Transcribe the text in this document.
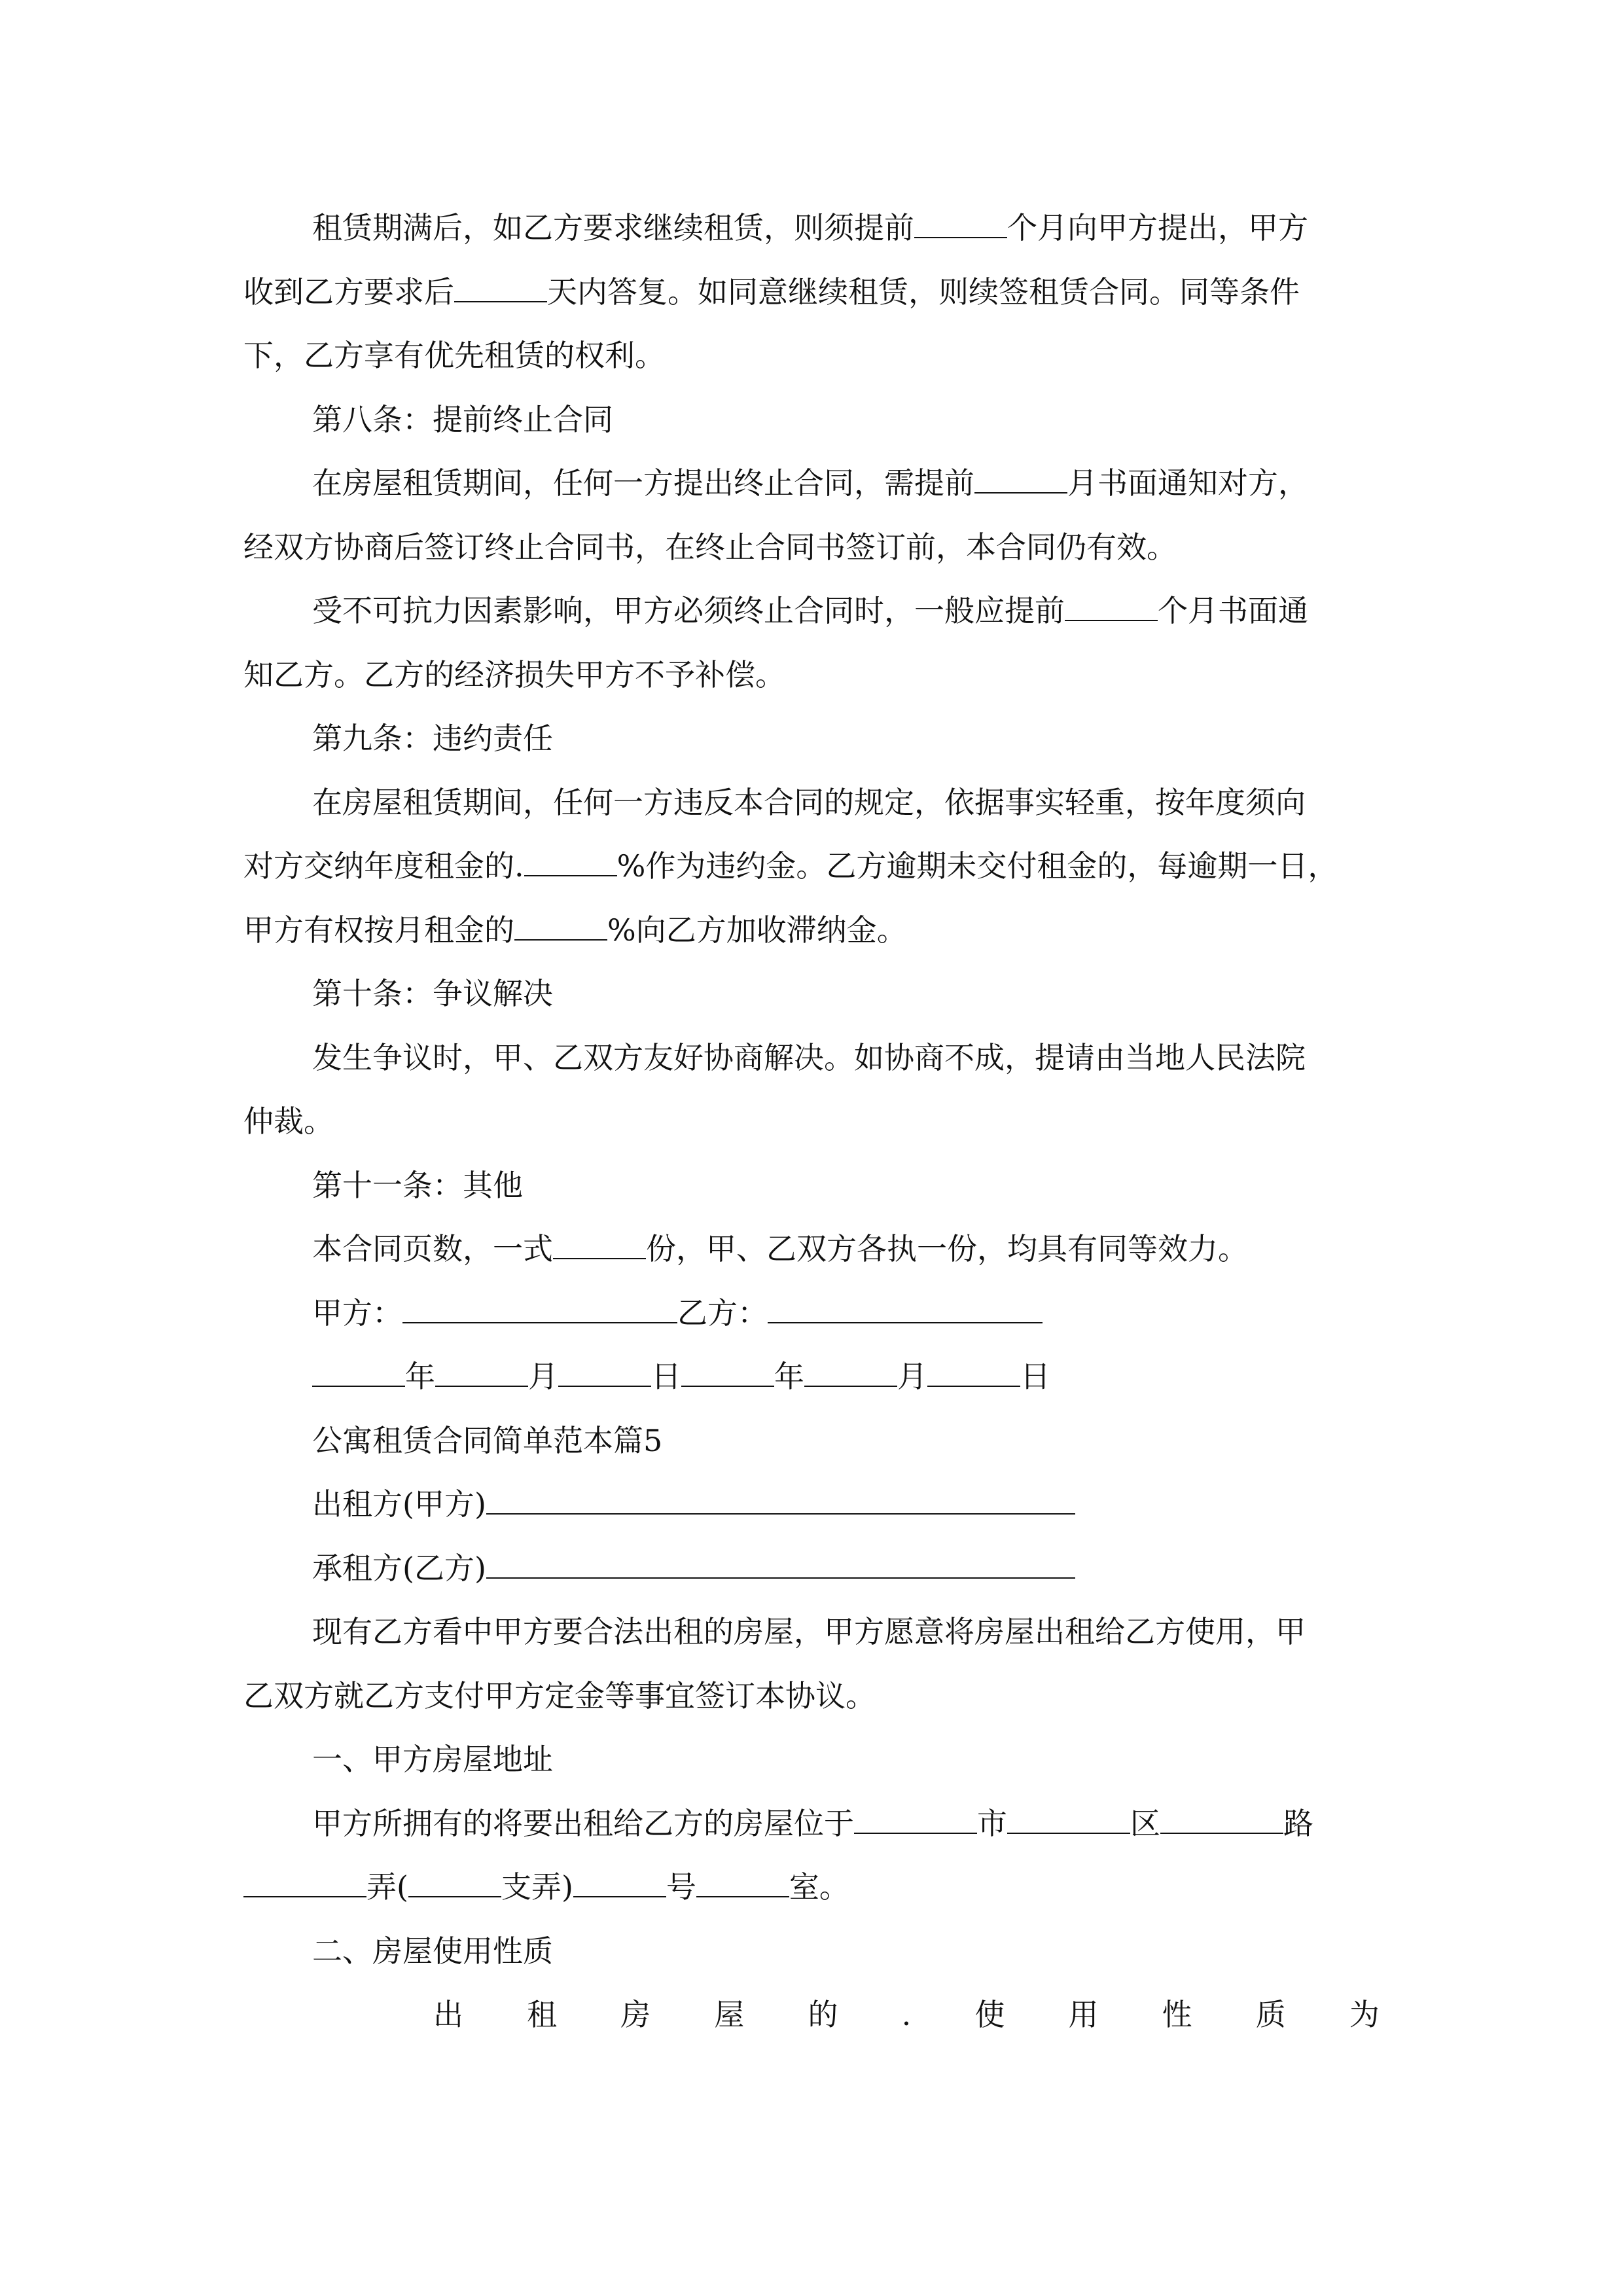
租赁期满后，如乙方要求继续租赁，则须提前	个月向甲方提出，甲方
收到乙方要求后	天内答复。如同意继续租赁，则续签租赁合同。同等条件
下，乙方享有优先租赁的权利。
第八条：提前终止合同
在房屋租赁期间，任何一方提出终止合同，需提前	月书面通知对方，
经双方协商后签订终止合同书，在终止合同书签订前，本合同仍有效。
受不可抗力因素影响，甲方必须终止合同时，一般应提前	个月书面通
知乙方。乙方的经济损失甲方不予补偿。
第九条：违约责任
在房屋租赁期间，任何一方违反本合同的规定，依据事实轻重，按年度须向
对方交纳年度租金的.	%作为违约金。乙方逾期未交付租金的，每逾期一日，
甲方有权按月租金的	%向乙方加收滞纳金。
第十条：争议解决
发生争议时，甲、乙双方友好协商解决。如协商不成，提请由当地人民法院
仲裁。
第十一条：其他
本合同页数，一式	份，甲、乙双方各执一份，均具有同等效力。
甲方：	乙方：
年	月	日	年	月	日
公寓租赁合同简单范本篇5
出租方(甲方)
承租方(乙方)
现有乙方看中甲方要合法出租的房屋，甲方愿意将房屋出租给乙方使用，甲
乙双方就乙方支付甲方定金等事宜签订本协议。
一、甲方房屋地址
甲方所拥有的将要出租给乙方的房屋位于	市	区	路
弄(	支弄)	号	室。
二、房屋使用性质
出 租 房 屋 的 . 使 用 性 质 为
